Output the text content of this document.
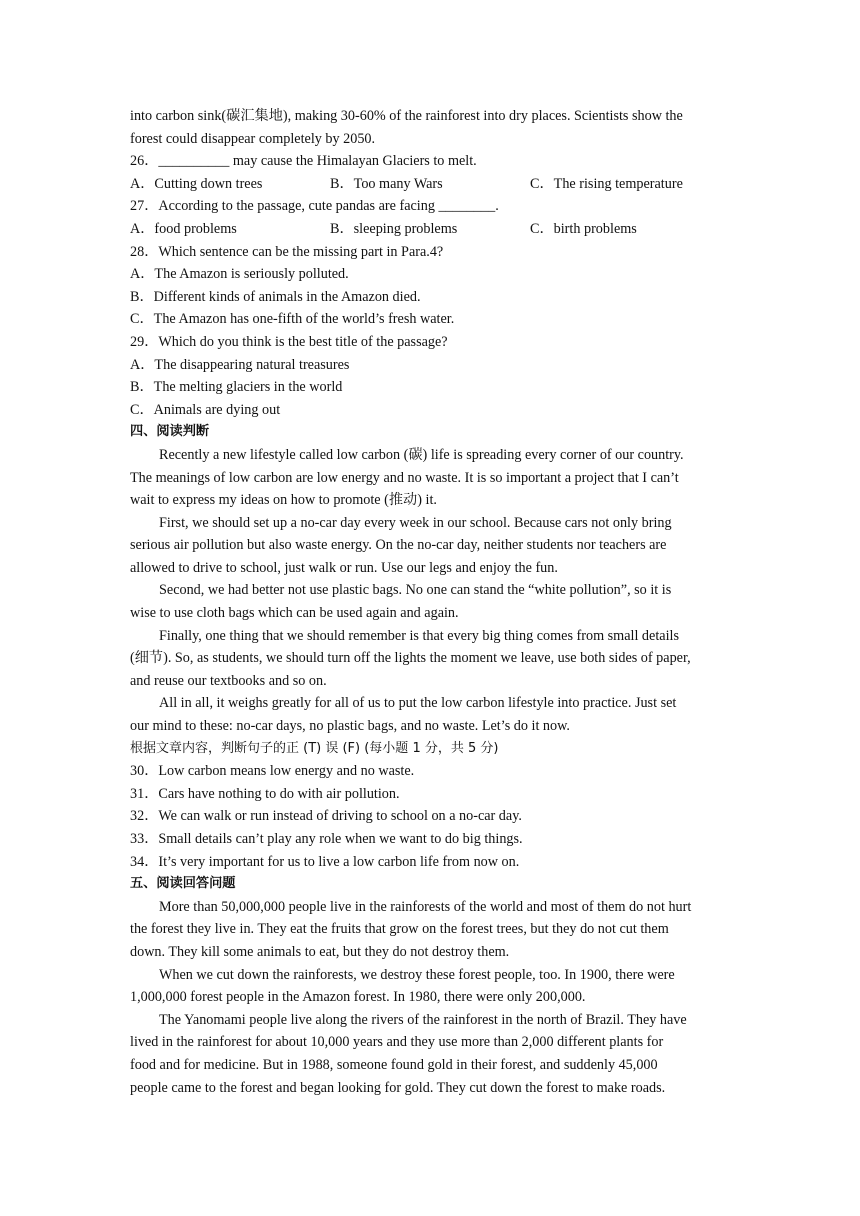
into carbon sink(碳汇集地), making 30-60% of the rainforest into dry places. Scientists show the
forest could disappear completely by 2050.
26．__________ may cause the Himalayan Glaciers to melt.
A．Cutting down trees	B．Too many Wars	C．The rising temperature
27．According to the passage, cute pandas are facing ________.
A．food problems	B．sleeping problems	C．birth problems
28．Which sentence can be the missing part in Para.4?
A．The Amazon is seriously polluted.
B．Different kinds of animals in the Amazon died.
C．The Amazon has one-fifth of the world’s fresh water.
29．Which do you think is the best title of the passage?
A．The disappearing natural treasures
B．The melting glaciers in the world
C．Animals are dying out
四、阅读判断
Recently a new lifestyle called low carbon (碳) life is spreading every corner of our country.
The meanings of low carbon are low energy and no waste. It is so important a project that I can’t
wait to express my ideas on how to promote (推动) it.
First, we should set up a no-car day every week in our school. Because cars not only bring
serious air pollution but also waste energy. On the no-car day, neither students nor teachers are
allowed to drive to school, just walk or run. Use our legs and enjoy the fun.
Second, we had better not use plastic bags. No one can stand the “white pollution”, so it is
wise to use cloth bags which can be used again and again.
Finally, one thing that we should remember is that every big thing comes from small details
(细节). So, as students, we should turn off the lights the moment we leave, use both sides of paper,
and reuse our textbooks and so on.
All in all, it weighs greatly for all of us to put the low carbon lifestyle into practice. Just set
our mind to these: no-car days, no plastic bags, and no waste. Let’s do it now.
根据文章内容，判断句子的正 (T) 误 (F) (每小题 1 分，共 5 分)
30．Low carbon means low energy and no waste.
31．Cars have nothing to do with air pollution.
32．We can walk or run instead of driving to school on a no-car day.
33．Small details can’t play any role when we want to do big things.
34．It’s very important for us to live a low carbon life from now on.
五、阅读回答问题
More than 50,000,000 people live in the rainforests of the world and most of them do not hurt
the forest they live in. They eat the fruits that grow on the forest trees, but they do not cut them
down. They kill some animals to eat, but they do not destroy them.
When we cut down the rainforests, we destroy these forest people, too. In 1900, there were
1,000,000 forest people in the Amazon forest. In 1980, there were only 200,000.
The Yanomami people live along the rivers of the rainforest in the north of Brazil. They have
lived in the rainforest for about 10,000 years and they use more than 2,000 different plants for
food and for medicine. But in 1988, someone found gold in their forest, and suddenly 45,000
people came to the forest and began looking for gold. They cut down the forest to make roads.
